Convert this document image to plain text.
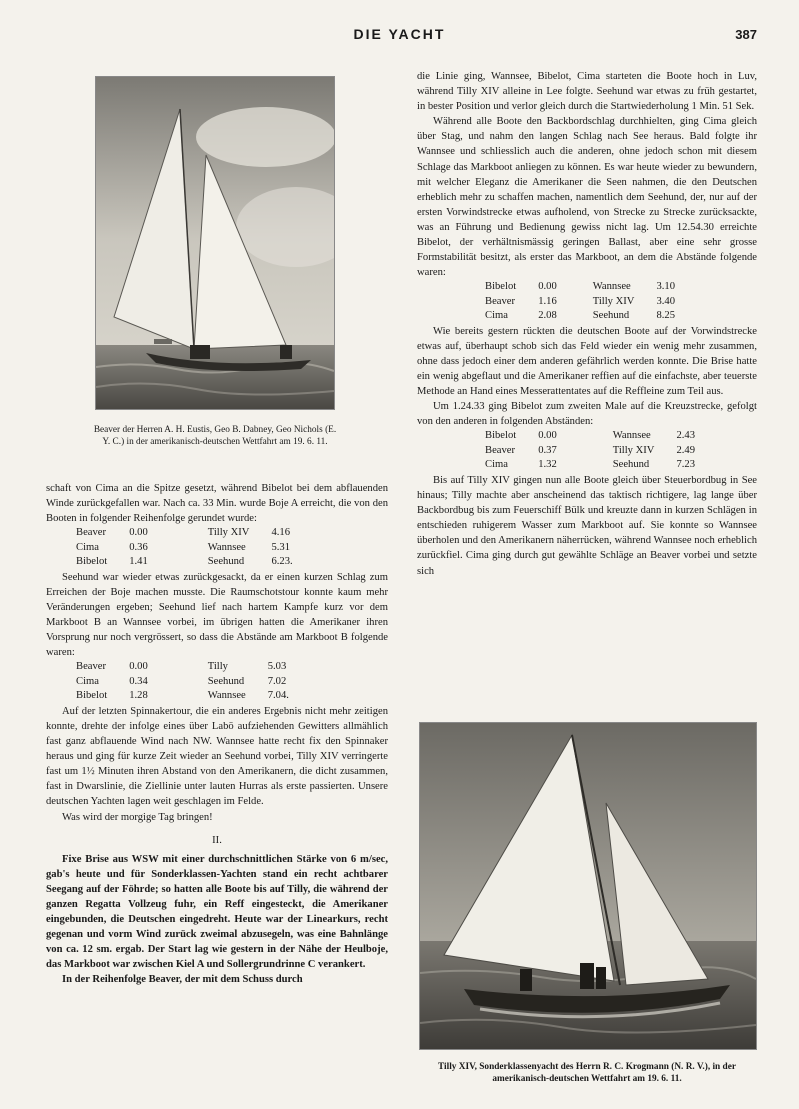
DIE YACHT	387
Beaver der Herren A. H. Eustis, Geo B. Dabney, Geo Nichols (E. Y. C.) in der amerikanisch-deutschen Wettfahrt am 19. 6. 11.

schaft von Cima an die Spitze gesetzt, während Bibelot bei dem abflauenden Winde zurückgefallen war. Nach ca. 33 Min. wurde Boje A erreicht, die von den Booten in folgender Reihenfolge gerundet wurde:

Beaver	0.00	Tilly XIV	4.16
Cima	0.36	Wannsee	5.31
Bibelot	1.41	Seehund	6.23.

Seehund war wieder etwas zurückgesackt, da er einen kurzen Schlag zum Erreichen der Boje machen musste. Die Raumschotstour konnte kaum mehr Veränderungen ergeben; Seehund lief nach hartem Kampfe kurz vor dem Markboot B an Wannsee vorbei, im übrigen hatten die Amerikaner ihren Vorsprung nur noch vergrössert, so dass die Abstände am Markboot B folgende waren:

Beaver	0.00	Tilly	5.03
Cima	0.34	Seehund	7.02
Bibelot	1.28	Wannsee	7.04.

Auf der letzten Spinnakertour, die ein anderes Ergebnis nicht mehr zeitigen konnte, drehte der infolge eines über Labö aufziehenden Gewitters allmählich fast ganz abflauende Wind nach NW. Wannsee hatte recht fix den Spinnaker heraus und ging für kurze Zeit wieder an Seehund vorbei, Tilly XIV verringerte fast um 1½ Minuten ihren Abstand von den Amerikanern, die dicht zusammen, fast in Dwarslinie, die Ziellinie unter lauten Hurras als erste passierten. Unsere deutschen Yachten lagen weit geschlagen im Felde.

Was wird der morgige Tag bringen!

II.

Fixe Brise aus WSW mit einer durchschnittlichen Stärke von 6 m/sec, gab's heute und für Sonderklassen-Yachten stand ein recht achtbarer Seegang auf der Föhrde; so hatten alle Boote bis auf Tilly, die während der ganzen Regatta Vollzeug fuhr, ein Reff eingesteckt, die Amerikaner eingebunden, die Deutschen eingedreht. Heute war der Linearkurs, recht gegenan und vorm Wind zurück zweimal abzusegeln, was eine Bahnlänge von ca. 12 sm. ergab. Der Start lag wie gestern in der Nähe der Heulboje, das Markboot war zwischen Kiel A und Sollergrundrinne C verankert.

In der Reihenfolge Beaver, der mit dem Schuss durch

die Linie ging, Wannsee, Bibelot, Cima starteten die Boote hoch in Luv, während Tilly XIV alleine in Lee folgte. Seehund war etwas zu früh gestartet, in bester Position und verlor gleich durch die Startwiederholung 1 Min. 51 Sek.

Während alle Boote den Backbordschlag durchhielten, ging Cima gleich über Stag, und nahm den langen Schlag nach See heraus. Bald folgte ihr Wannsee und schliesslich auch die anderen, ohne jedoch schon mit diesem Schlage das Markboot anliegen zu können. Es war heute wieder zu bewundern, mit welcher Eleganz die Amerikaner die Seen nahmen, die den Deutschen erheblich mehr zu schaffen machen, namentlich dem Seehund, der, nur auf der ersten Vorwindstrecke etwas aufholend, von Strecke zu Strecke zurücksackte, was an Führung und Bedienung gewiss nicht lag. Um 12.54.30 erreichte Bibelot, der verhältnismässig geringen Ballast, aber eine sehr grosse Formstabilität besitzt, als erster das Markboot, an dem die Abstände folgende waren:

Bibelot	0.00	Wannsee	3.10
Beaver	1.16	Tilly XIV	3.40
Cima	2.08	Seehund	8.25

Wie bereits gestern rückten die deutschen Boote auf der Vorwindstrecke etwas auf, überhaupt schob sich das Feld wieder ein wenig mehr zusammen, ohne dass jedoch einer dem anderen gefährlich werden konnte. Die Brise hatte ein wenig abgeflaut und die Amerikaner reffien auf die einfachste, aber teuerste Methode an Hand eines Messerattentates auf die Reffleine zum Teil aus.

Um 1.24.33 ging Bibelot zum zweiten Male auf die Kreuzstrecke, gefolgt von den anderen in folgenden Abständen:

Bibelot	0.00	Wannsee	2.43
Beaver	0.37	Tilly XIV	2.49
Cima	1.32	Seehund	7.23

Bis auf Tilly XIV gingen nun alle Boote gleich über Steuerbordbug in See hinaus; Tilly machte aber anscheinend das taktisch richtigere, lag lange über Backbordbug bis zum Feuerschiff Bülk und kreuzte dann in kurzen Schlägen in entschieden ruhigerem Wasser zum Markboot auf. Sie konnte so Wannsee überholen und den Amerikanern näherrücken, während Wannsee noch erheblich zurückfiel. Cima ging durch gut gewählte Schläge an Beaver vorbei und setzte sich

Tilly XIV, Sonderklassenyacht des Herrn R. C. Krogmann (N. R. V.), in der amerikanisch-deutschen Wettfahrt am 19. 6. 11.
